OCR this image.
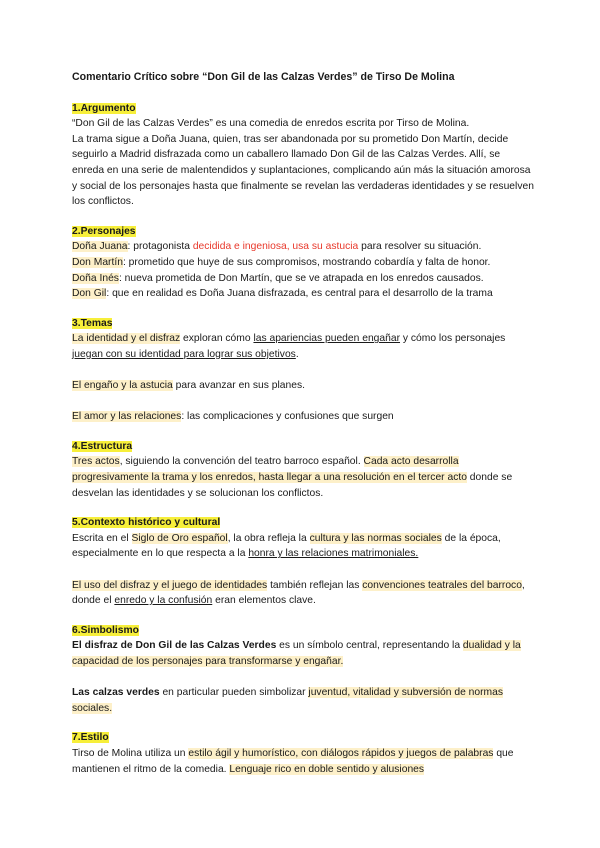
Comentario Crítico sobre “Don Gil de las Calzas Verdes” de Tirso De Molina

1.Argumento

“Don Gil de las Calzas Verdes” es una comedia de enredos escrita por Tirso de Molina.

La trama sigue a Doña Juana, quien, tras ser abandonada por su prometido Don Martín, decide seguirlo a Madrid disfrazada como un caballero llamado Don Gil de las Calzas Verdes. Allí, se enreda en una serie de malentendidos y suplantaciones, complicando aún más la situación amorosa y social de los personajes hasta que finalmente se revelan las verdaderas identidades y se resuelven los conflictos.

2.Personajes

Doña Juana: protagonista decidida e ingeniosa, usa su astucia para resolver su situación.

Don Martín: prometido que huye de sus compromisos, mostrando cobardía y falta de honor.

Doña Inés: nueva prometida de Don Martín, que se ve atrapada en los enredos causados.

Don Gil: que en realidad es Doña Juana disfrazada, es central para el desarrollo de la trama

3.Temas

La identidad y el disfraz exploran cómo las apariencias pueden engañar y cómo los personajes juegan con su identidad para lograr sus objetivos.

El engaño y la astucia para avanzar en sus planes.

El amor y las relaciones: las complicaciones y confusiones que surgen

4.Estructura

Tres actos, siguiendo la convención del teatro barroco español. Cada acto desarrolla progresivamente la trama y los enredos, hasta llegar a una resolución en el tercer acto donde se desvelan las identidades y se solucionan los conflictos.

5.Contexto histórico y cultural

Escrita en el Siglo de Oro español, la obra refleja la cultura y las normas sociales de la época, especialmente en lo que respecta a la honra y las relaciones matrimoniales.

El uso del disfraz y el juego de identidades también reflejan las convenciones teatrales del barroco, donde el enredo y la confusión eran elementos clave.

6.Simbolismo

El disfraz de Don Gil de las Calzas Verdes es un símbolo central, representando la dualidad y la capacidad de los personajes para transformarse y engañar.

Las calzas verdes en particular pueden simbolizar juventud, vitalidad y subversión de normas sociales.

7.Estilo

Tirso de Molina utiliza un estilo ágil y humorístico, con diálogos rápidos y juegos de palabras que mantienen el ritmo de la comedia. Lenguaje rico en doble sentido y alusiones
